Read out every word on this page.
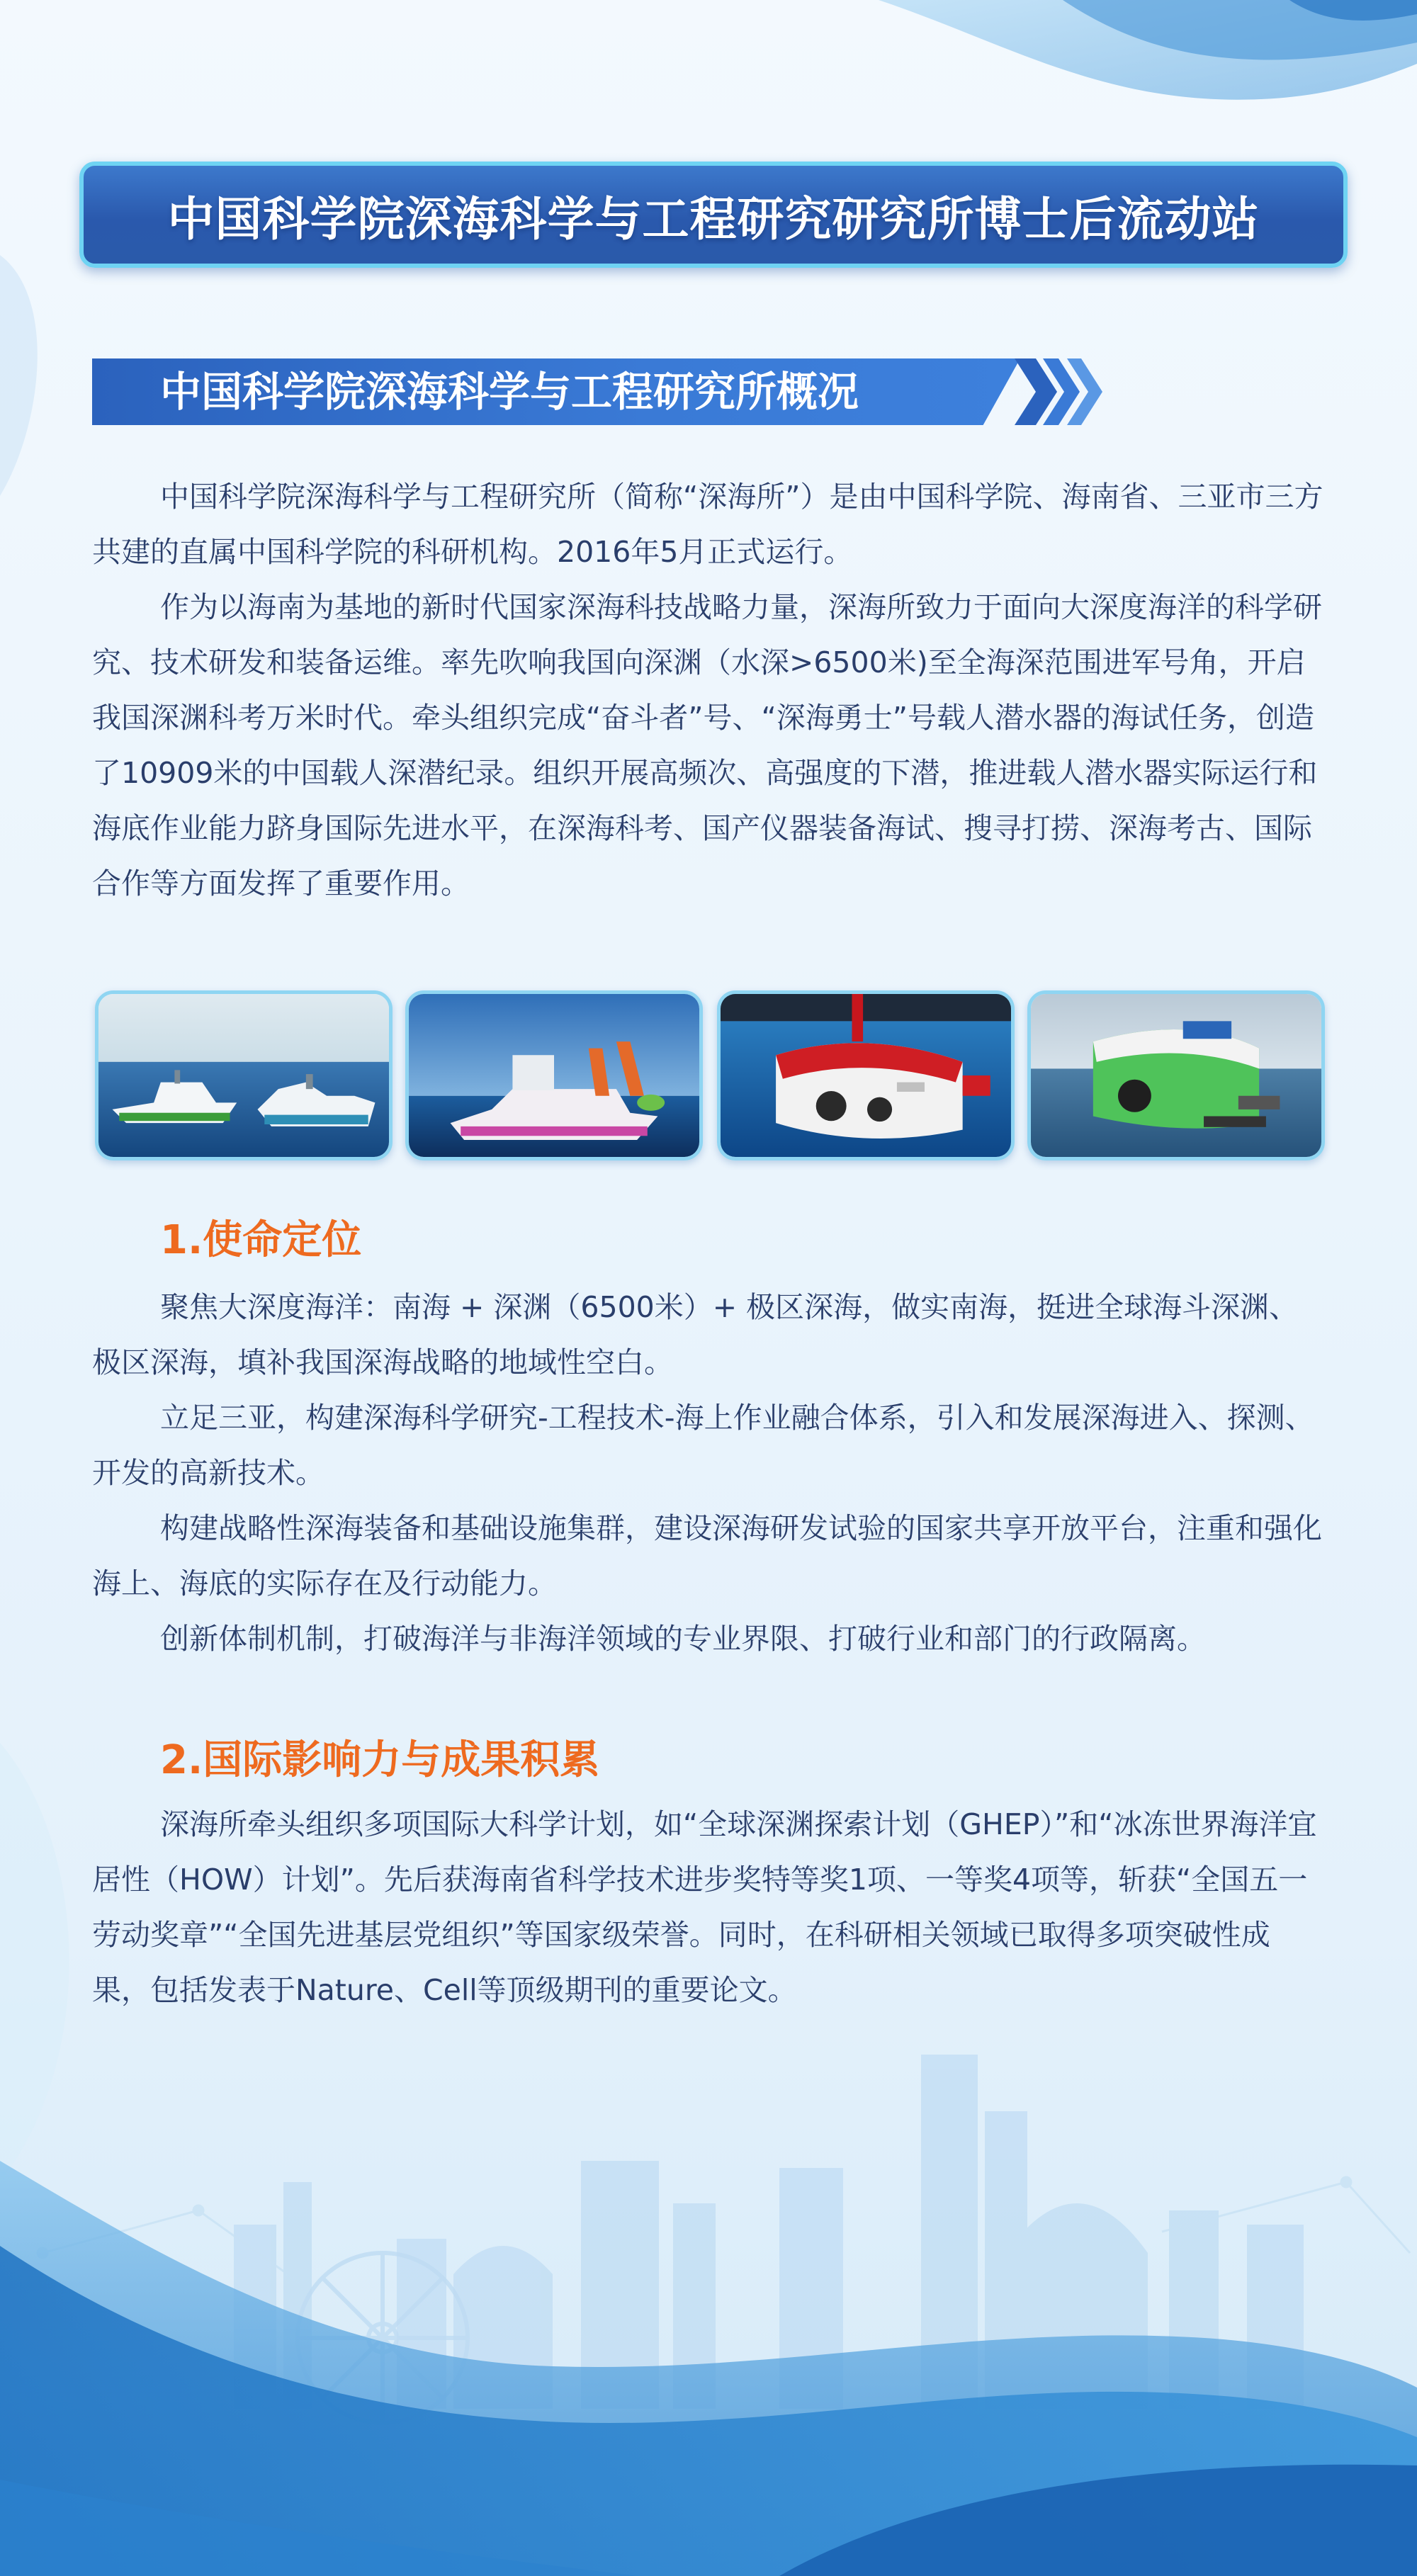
中国科学院深海科学与工程研究研究所博士后流动站
中国科学院深海科学与工程研究所概况

中国科学院深海科学与工程研究所（简称“深海所”）是由中国科学院、海南省、三亚市三方共建的直属中国科学院的科研机构。2016年5月正式运行。

作为以海南为基地的新时代国家深海科技战略力量，深海所致力于面向大深度海洋的科学研究、技术研发和装备运维。率先吹响我国向深渊（水深>6500米)至全海深范围进军号角，开启我国深渊科考万米时代。牵头组织完成“奋斗者”号、“深海勇士”号载人潜水器的海试任务，创造了10909米的中国载人深潜纪录。组织开展高频次、高强度的下潜，推进载人潜水器实际运行和海底作业能力跻身国际先进水平，在深海科考、国产仪器装备海试、搜寻打捞、深海考古、国际合作等方面发挥了重要作用。

1.使命定位

聚焦大深度海洋：南海 + 深渊（6500米）+ 极区深海，做实南海，挺进全球海斗深渊、极区深海，填补我国深海战略的地域性空白。

立足三亚，构建深海科学研究-工程技术-海上作业融合体系，引入和发展深海进入、探测、开发的高新技术。

构建战略性深海装备和基础设施集群，建设深海研发试验的国家共享开放平台，注重和强化海上、海底的实际存在及行动能力。

创新体制机制，打破海洋与非海洋领域的专业界限、打破行业和部门的行政隔离。

2.国际影响力与成果积累

深海所牵头组织多项国际大科学计划，如“全球深渊探索计划（GHEP）”和“冰冻世界海洋宜居性（HOW）计划”。先后获海南省科学技术进步奖特等奖1项、一等奖4项等，斩获“全国五一劳动奖章”“全国先进基层党组织”等国家级荣誉。同时，在科研相关领域已取得多项突破性成果，包括发表于Nature、Cell等顶级期刊的重要论文。
